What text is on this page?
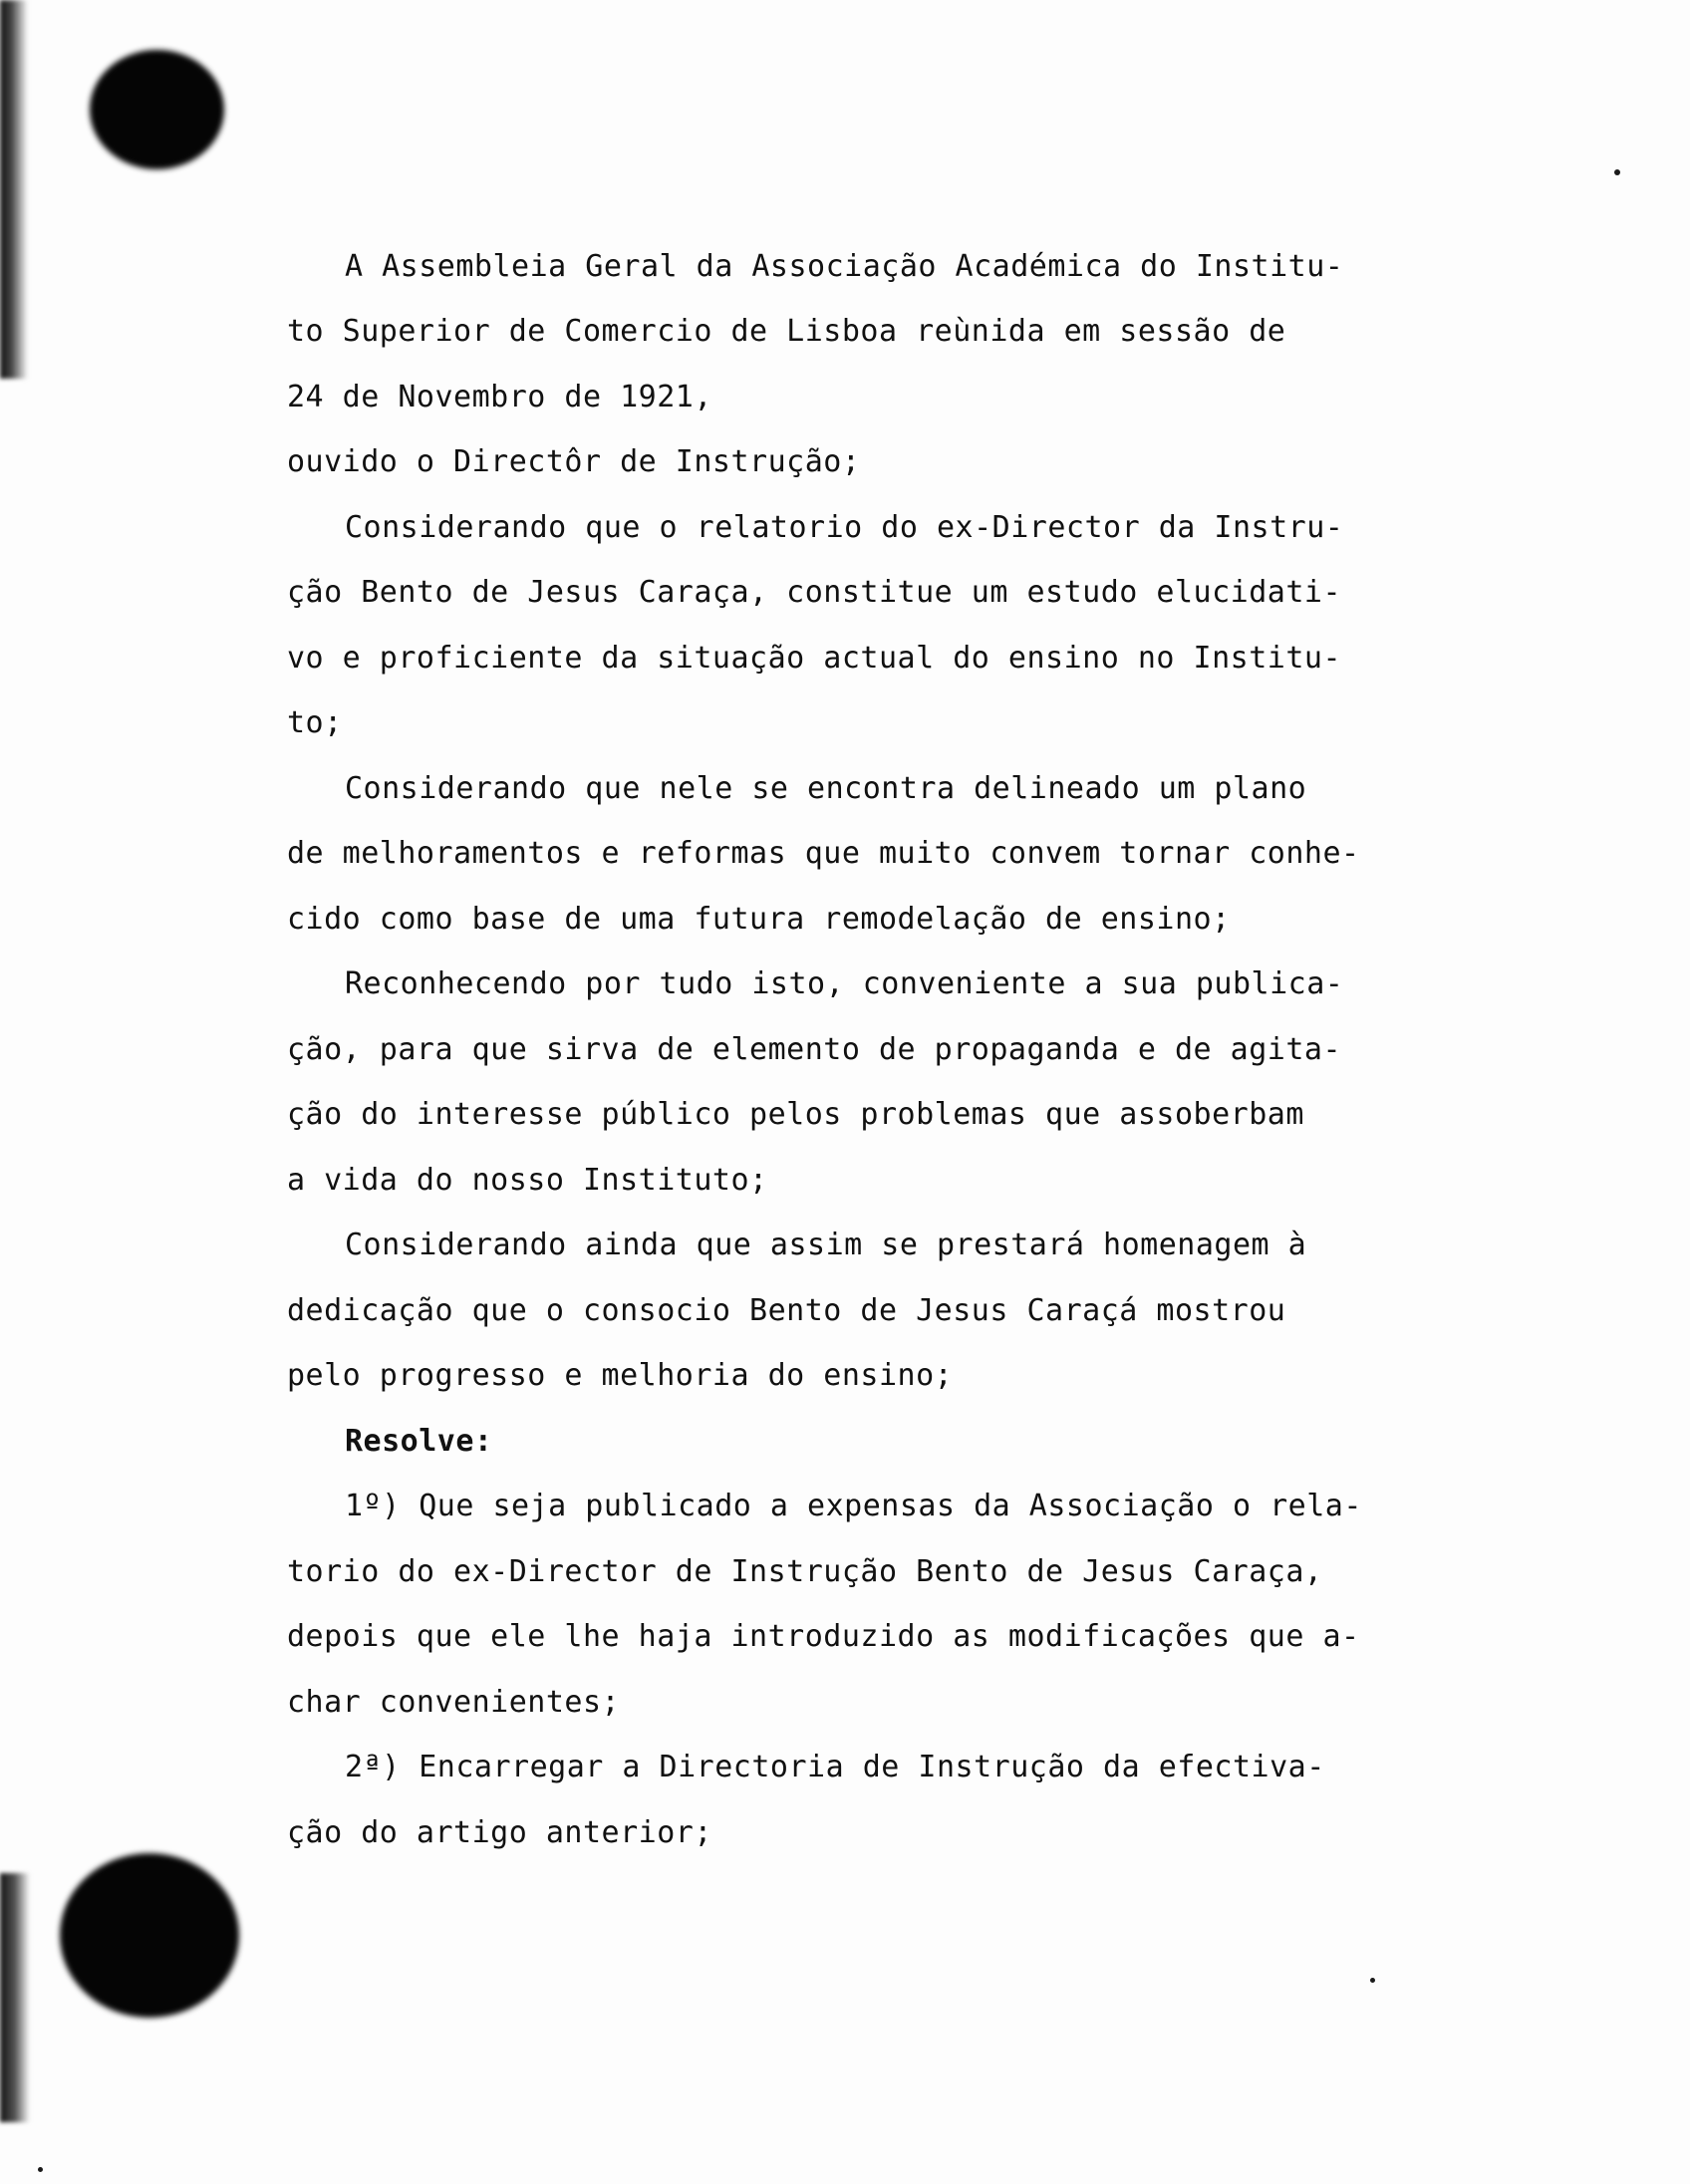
A Assembleia Geral da Associação Académica do Institu-
to Superior de Comercio de Lisboa reùnida em sessão de
24 de Novembro de 1921,
ouvido o Directôr de Instrução;
Considerando que o relatorio do ex-Director da Instru-
ção Bento de Jesus Caraça, constitue um estudo elucidati-
vo e proficiente da situação actual do ensino no Institu-
to;
Considerando que nele se encontra delineado um plano
de melhoramentos e reformas que muito convem tornar conhe-
cido como base de uma futura remodelação de ensino;
Reconhecendo por tudo isto, conveniente a sua publica-
ção, para que sirva de elemento de propaganda e de agita-
ção do interesse público pelos problemas que assoberbam
a vida do nosso Instituto;
Considerando ainda que assim se prestará homenagem à
dedicação que o consocio Bento de Jesus Caraçá mostrou
pelo progresso e melhoria do ensino;
Resolve:
1º) Que seja publicado a expensas da Associação o rela-
torio do ex-Director de Instrução Bento de Jesus Caraça,
depois que ele lhe haja introduzido as modificações que a-
char convenientes;
2ª) Encarregar a Directoria de Instrução da efectiva-
ção do artigo anterior;
